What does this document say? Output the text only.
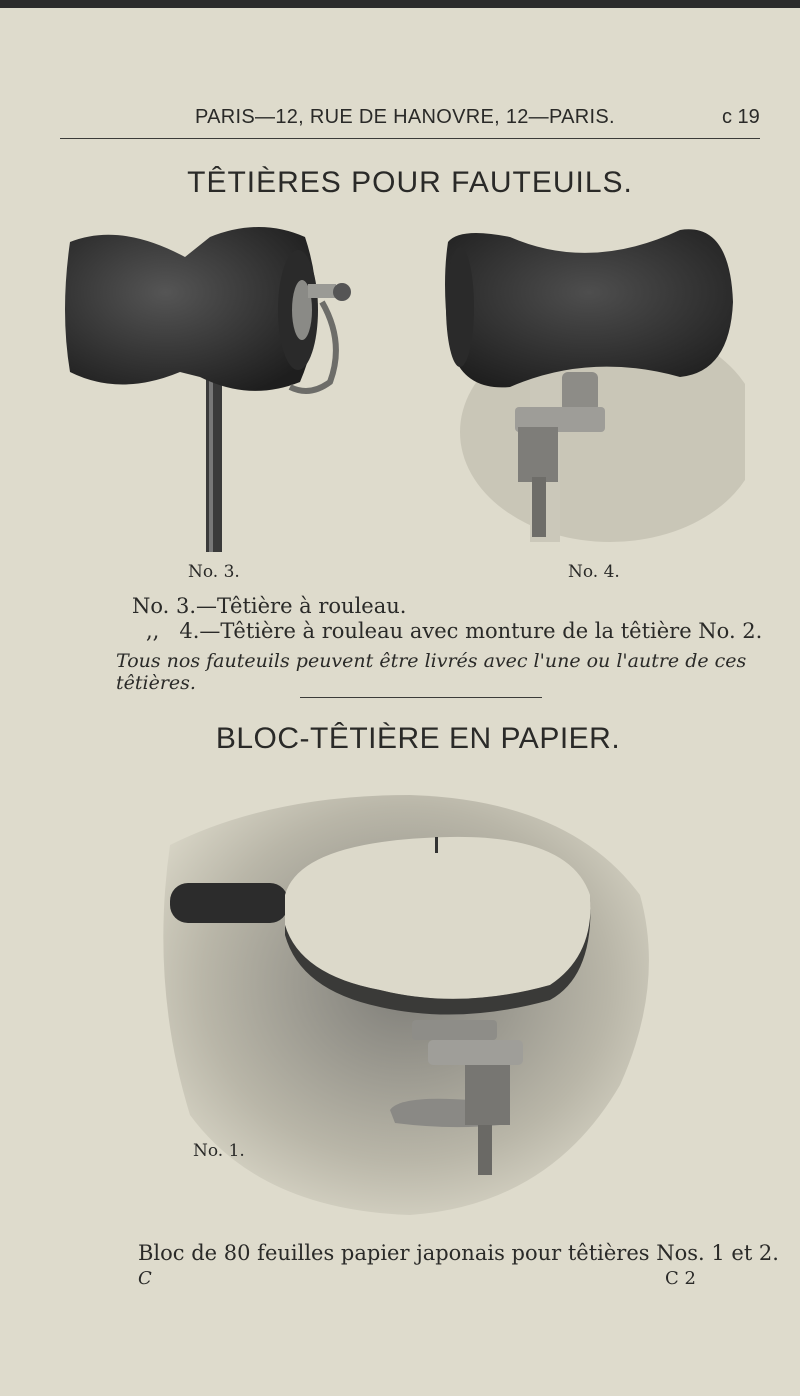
PARIS—12, RUE DE HANOVRE, 12—PARIS.	c 19
TÊTIÈRES POUR FAUTEUILS.
No. 3.	No. 4.
No. 3.—Têtière à rouleau.
,,   4.—Têtière à rouleau avec monture de la têtière No. 2.
Tous nos fauteuils peuvent être livrés avec l'une ou l'autre de ces têtières.
BLOC-TÊTIÈRE EN PAPIER.
No. 1.
Bloc de 80 feuilles papier japonais pour têtières Nos. 1 et 2.
C	C 2
